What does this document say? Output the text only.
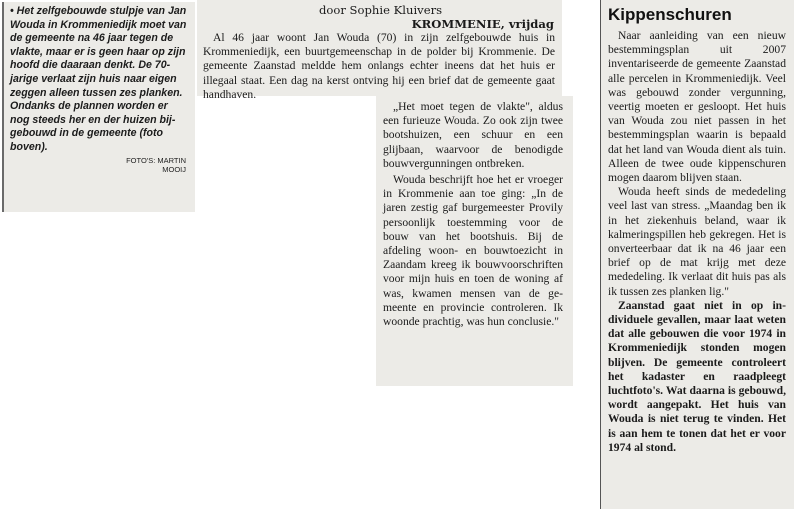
• Het zelfgebouwde stulpje van Jan Wouda in Krommeniedijk moet van de gemeente na 46 jaar tegen de vlakte, maar er is geen haar op zijn hoofd die daaraan denkt. De 70-jarige verlaat zijn huis naar eigen zeggen alleen tussen zes planken. Ondanks de plannen worden er nog steeds her en der huizen bijgebouwd in de gemeente (foto boven).

FOTO'S: MARTIN
MOOIJ

door Sophie Kluivers

KROMMENIE, vrijdag

Al 46 jaar woont Jan Wouda (70) in zijn zelfgebouwde huis in Krommeniedijk, een buurtgemeenschap in de polder bij Krommenie. De gemeente Zaanstad meldde hem onlangs echter ineens dat het huis er illegaal staat. Een dag na kerst ontving hij een brief dat de gemeente gaat handhaven.

„Het moet tegen de vlakte", aldus een furieuze Wouda. Zo ook zijn twee bootshuizen, een schuur en een glijbaan, waarvoor de benodigde bouwvergunningen ontbreken.

Wouda beschrijft hoe het er vroeger in Krommenie aan toe ging: „In de jaren zestig gaf burgemeester Provily persoonlijk toestemming voor de bouw van het bootshuis. Bij de afdeling woon- en bouwtoezicht in Zaandam kreeg ik bouwvoorschriften voor mijn huis en toen de woning af was, kwamen mensen van de gemeente en provincie controleren. Ik woonde prachtig, was hun conclusie."

Kippenschuren

Naar aanleiding van een nieuw bestemmingsplan uit 2007 inventariseerde de gemeente Zaanstad alle percelen in Krommeniedijk. Veel was gebouwd zonder vergunning, veertig moeten er gesloopt. Het huis van Wouda zou niet passen in het bestemmingsplan waarin is bepaald dat het land van Wouda dient als tuin. Alleen de twee oude kippenschuren mogen daarom blijven staan.

Wouda heeft sinds de mededeling veel last van stress. „Maandag ben ik in het ziekenhuis beland, waar ik kalmeringspillen heb gekregen. Het is onverteerbaar dat ik na 46 jaar een brief op de mat krijg met deze mededeling. Ik verlaat dit huis pas als ik tussen zes planken lig."

Zaanstad gaat niet in op individuele gevallen, maar laat weten dat alle gebouwen die voor 1974 in Krommeniedijk stonden mogen blijven. De gemeente controleert het kadaster en raadpleegt luchtfoto's. Wat daarna is gebouwd, wordt aangepakt. Het huis van Wouda is niet terug te vinden. Het is aan hem te tonen dat het er voor 1974 al stond.
